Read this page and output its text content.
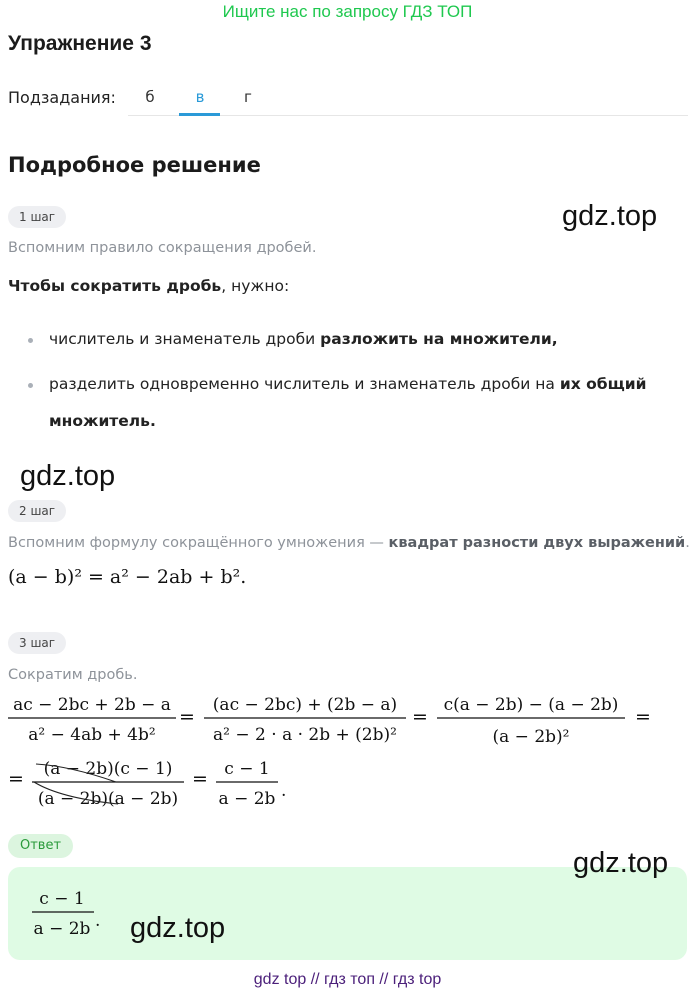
Ищите нас по запросу ГДЗ ТОП
Упражнение 3
Подзадания:	б	в	г
Подробное решение
1 шаг	gdz.top
Вспомним правило сокращения дробей.
Чтобы сократить дробь, нужно:
числитель и знаменатель дроби разложить на множители,
разделить одновременно числитель и знаменатель дроби на их общий
множитель.
gdz.top
2 шаг
Вспомним формулу сокращённого умножения — квадрат разности двух выражений.
(a − b)² = a² − 2ab + b².
3 шаг
Сократим дробь.
ac − 2bc + 2b − a
a² − 4ab + 4b²
=
(ac − 2bc) + (2b − a)
a² − 2 · a · 2b + (2b)²
=
c(a − 2b) − (a − 2b)
(a − 2b)²
=
= (a − 2b)(c − 1)
(a − 2b)(a − 2b)
= c − 1
a − 2b .
Ответ
gdz.top
c − 1
a − 2b . gdz.top
gdz top // гдз топ // гдз top
